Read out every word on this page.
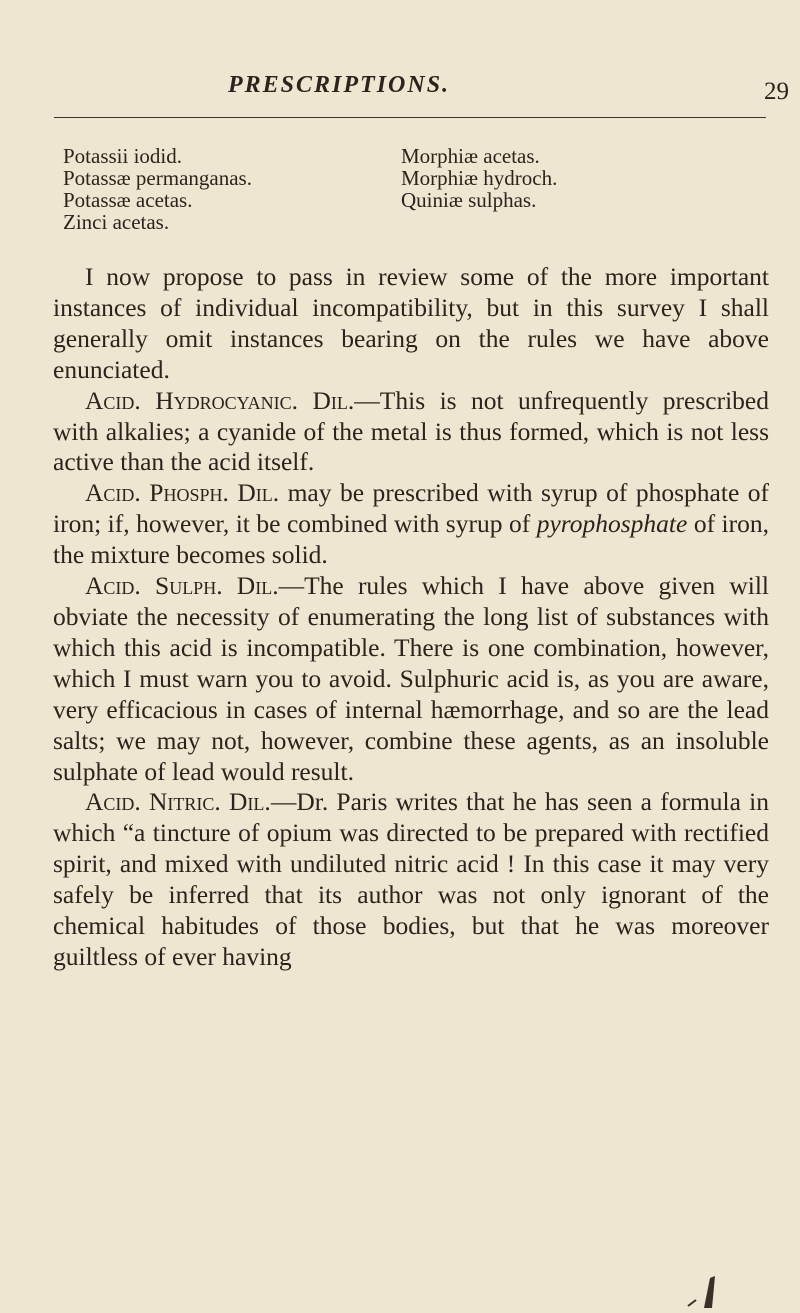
PRESCRIPTIONS.	29
Potassii iodid.
Potassæ permanganas.
Potassæ acetas.
Zinci acetas.
Morphiæ acetas.
Morphiæ hydroch.
Quiniæ sulphas.

I now propose to pass in review some of the more important instances of individual incompatibility, but in this survey I shall generally omit instances bearing on the rules we have above enunciated.

Acid. Hydrocyanic. Dil.—This is not unfrequently prescribed with alkalies; a cyanide of the metal is thus formed, which is not less active than the acid itself.

Acid. Phosph. Dil. may be prescribed with syrup of phosphate of iron; if, however, it be combined with syrup of pyrophosphate of iron, the mixture becomes solid.

Acid. Sulph. Dil.—The rules which I have above given will obviate the necessity of enumerating the long list of substances with which this acid is incompatible. There is one combination, however, which I must warn you to avoid. Sulphuric acid is, as you are aware, very efficacious in cases of internal hæmorrhage, and so are the lead salts; we may not, however, combine these agents, as an insoluble sulphate of lead would result.

Acid. Nitric. Dil.—Dr. Paris writes that he has seen a formula in which “a tincture of opium was directed to be prepared with rectified spirit, and mixed with undiluted nitric acid ! In this case it may very safely be inferred that its author was not only ignorant of the chemical habitudes of those bodies, but that he was moreover guiltless of ever having
